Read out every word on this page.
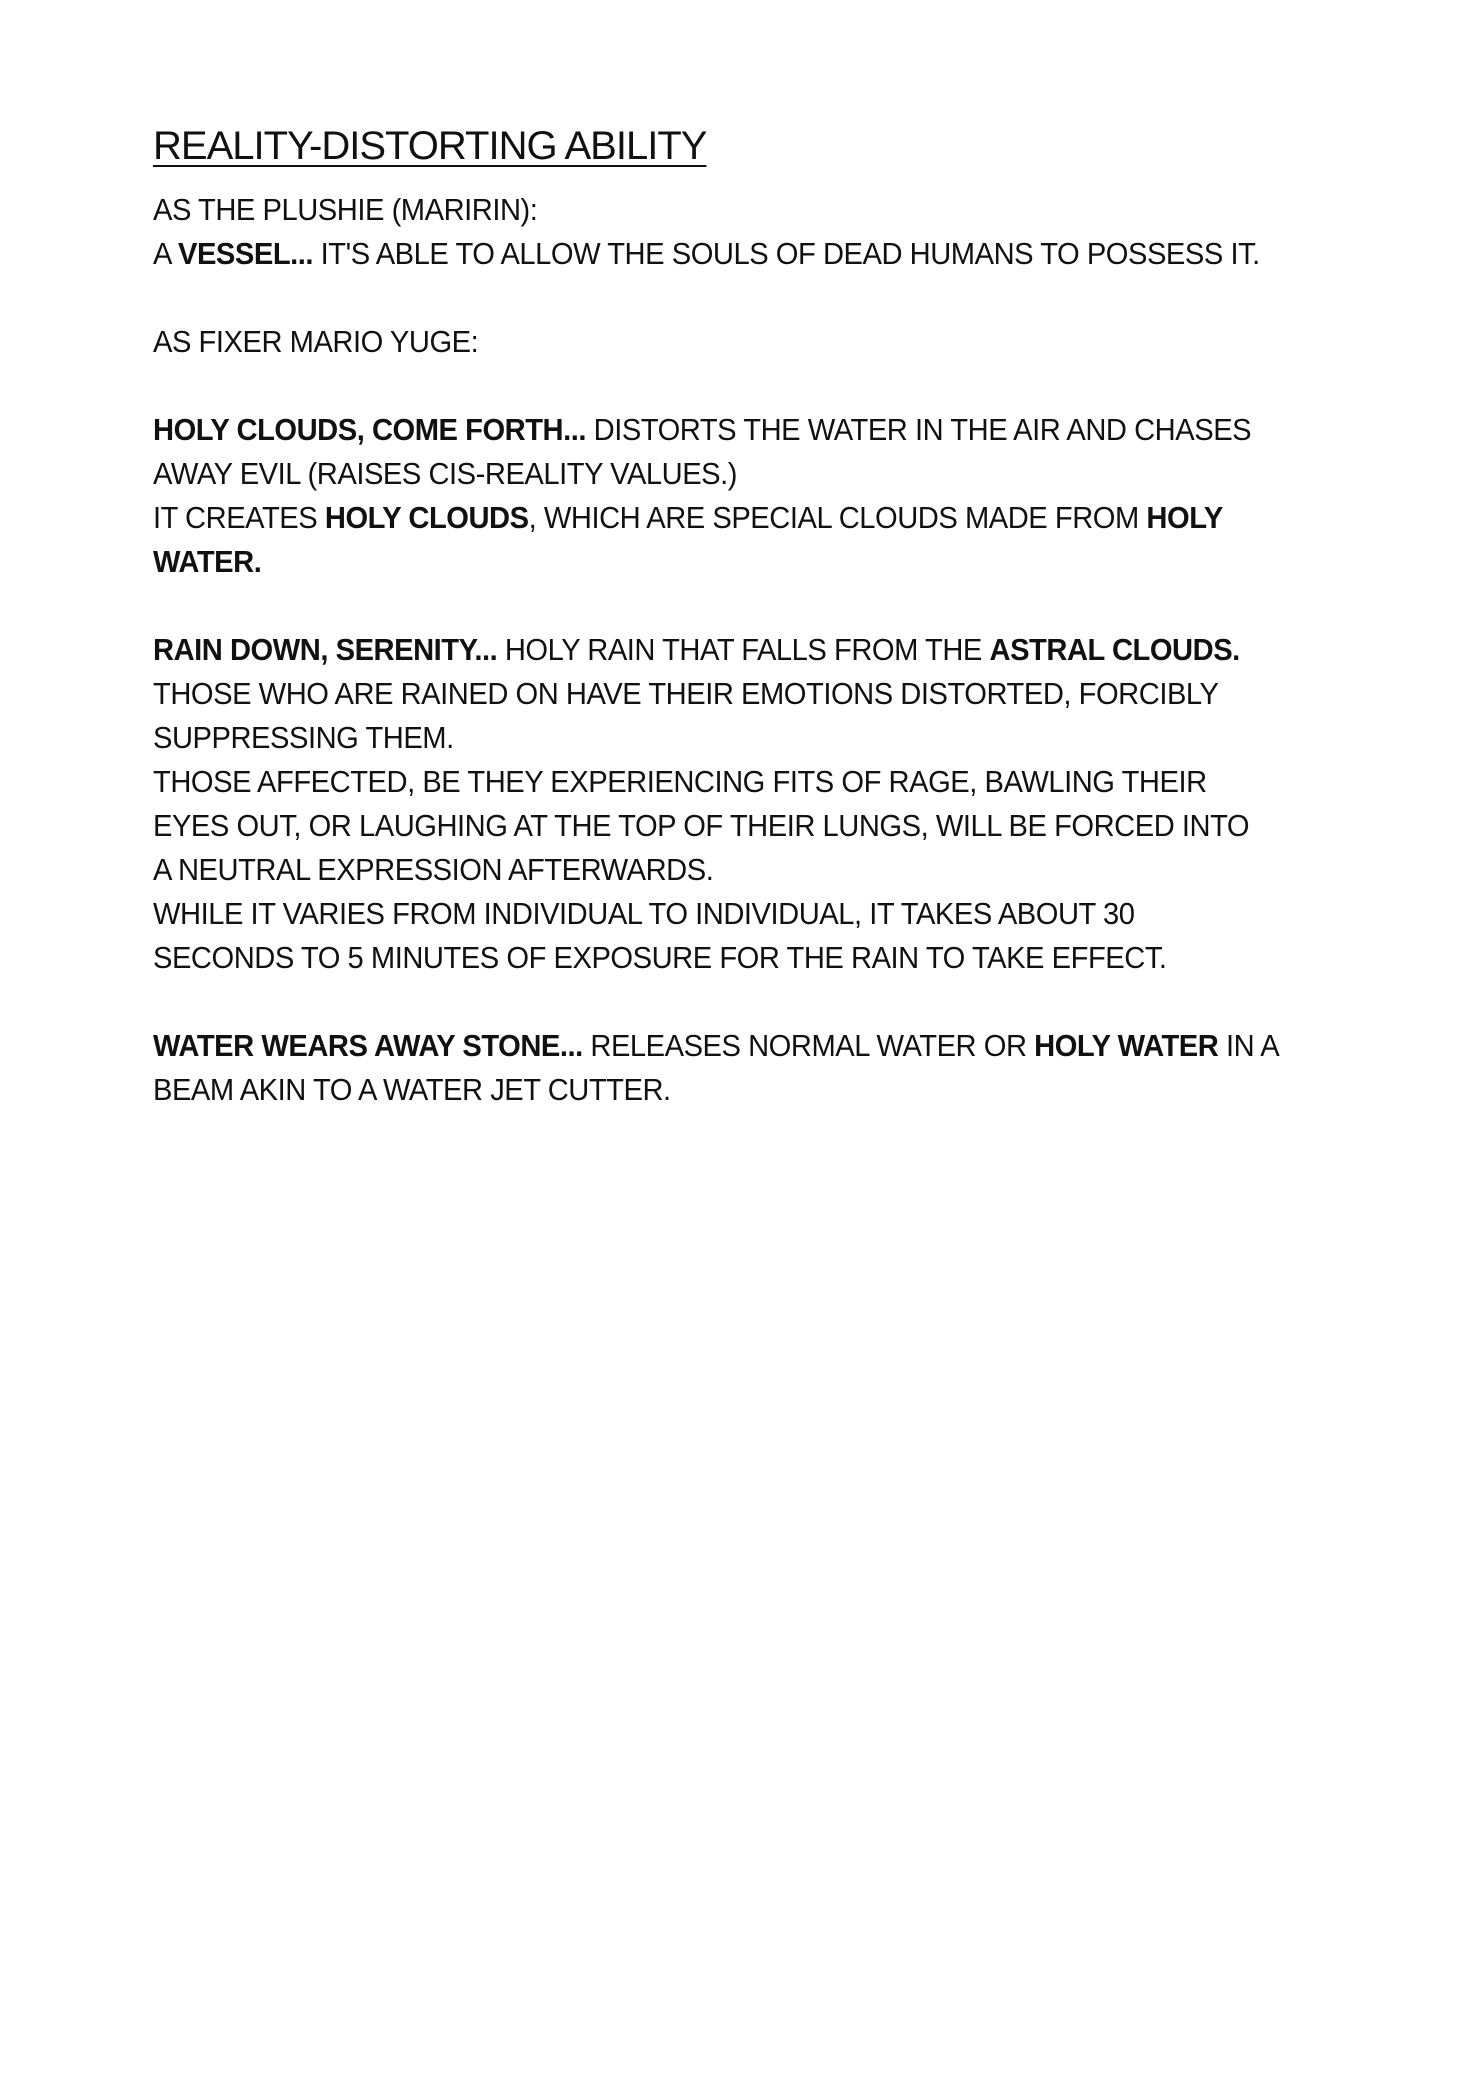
REALITY-DISTORTING ABILITY
AS THE PLUSHIE (MARIRIN):
A VESSEL... IT'S ABLE TO ALLOW THE SOULS OF DEAD HUMANS TO POSSESS IT.
AS FIXER MARIO YUGE:
HOLY CLOUDS, COME FORTH... DISTORTS THE WATER IN THE AIR AND CHASES
AWAY EVIL (RAISES CIS-REALITY VALUES.)
IT CREATES HOLY CLOUDS, WHICH ARE SPECIAL CLOUDS MADE FROM HOLY
WATER.
RAIN DOWN, SERENITY... HOLY RAIN THAT FALLS FROM THE ASTRAL CLOUDS.
THOSE WHO ARE RAINED ON HAVE THEIR EMOTIONS DISTORTED, FORCIBLY
SUPPRESSING THEM.
THOSE AFFECTED, BE THEY EXPERIENCING FITS OF RAGE, BAWLING THEIR
EYES OUT, OR LAUGHING AT THE TOP OF THEIR LUNGS, WILL BE FORCED INTO
A NEUTRAL EXPRESSION AFTERWARDS.
WHILE IT VARIES FROM INDIVIDUAL TO INDIVIDUAL, IT TAKES ABOUT 30
SECONDS TO 5 MINUTES OF EXPOSURE FOR THE RAIN TO TAKE EFFECT.
WATER WEARS AWAY STONE... RELEASES NORMAL WATER OR HOLY WATER IN A
BEAM AKIN TO A WATER JET CUTTER.
